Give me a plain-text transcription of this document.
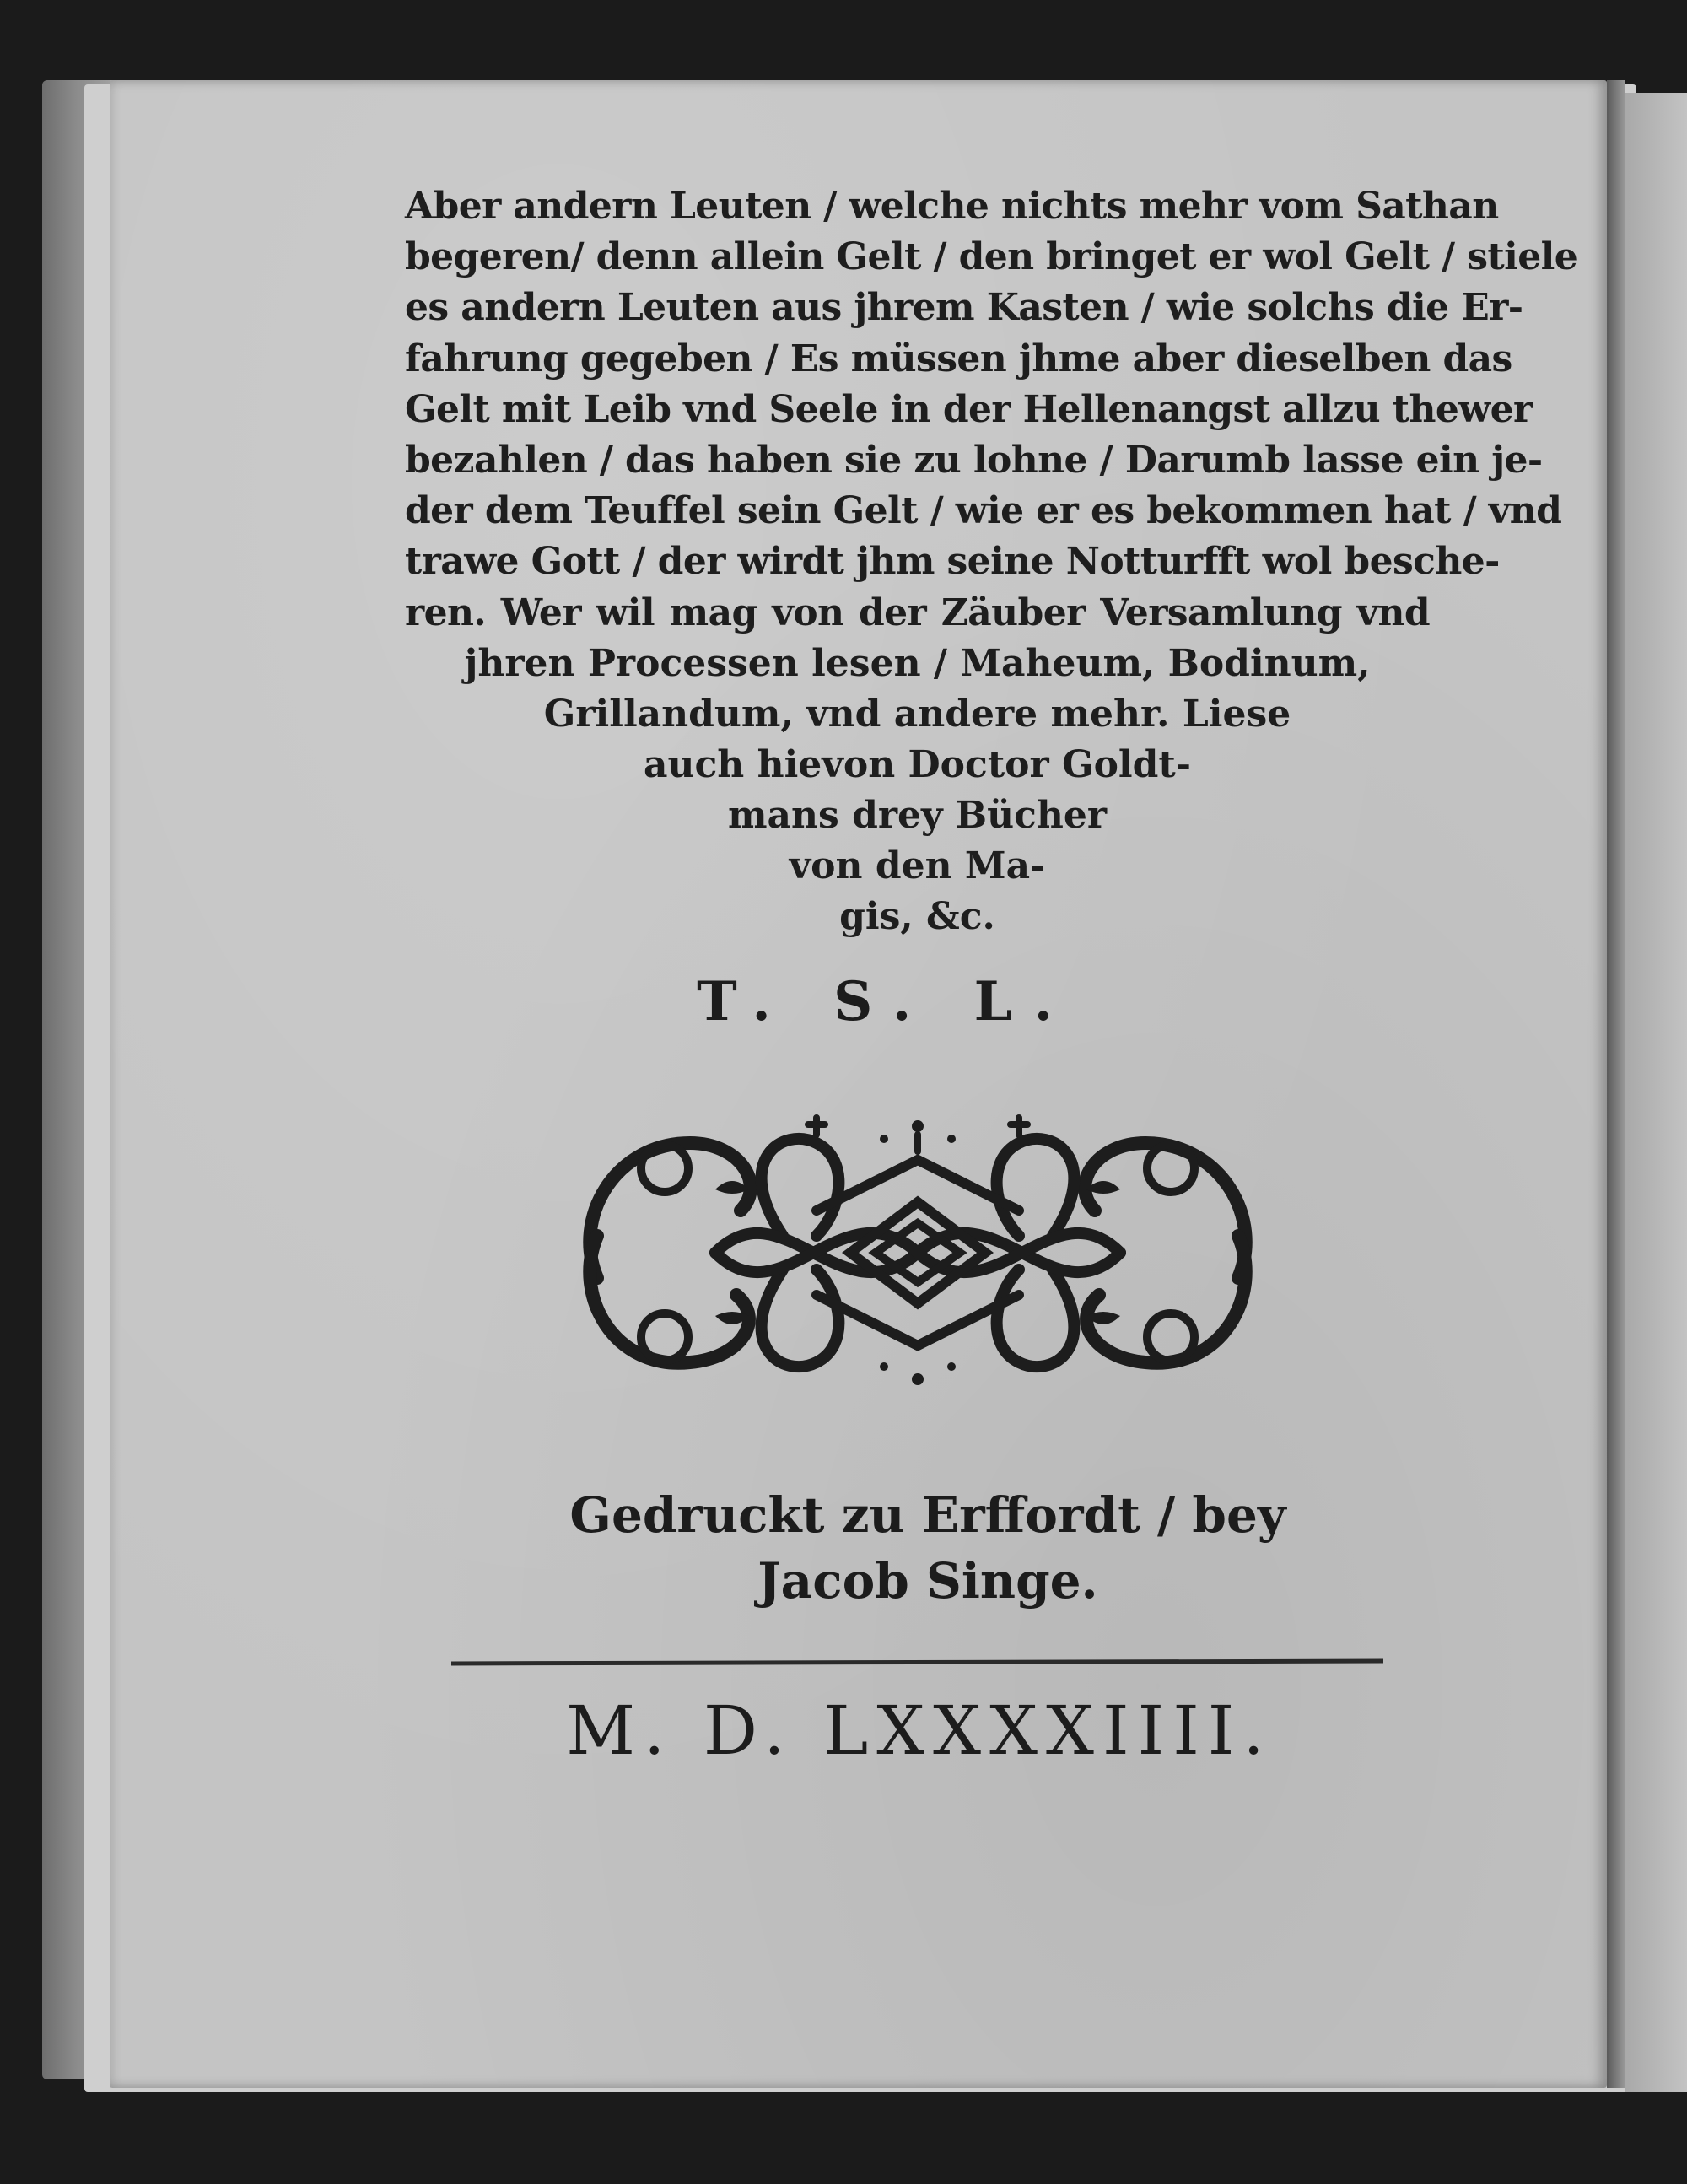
Aber andern Leuten / welche nichts mehr vom Sathan
begeren/ denn allein Gelt / den bringet er wol Gelt / stiele
es andern Leuten aus jhrem Kasten / wie solchs die Er-
fahrung gegeben / Es müssen jhme aber dieselben das
Gelt mit Leib vnd Seele in der Hellenangst allzu thewer
bezahlen / das haben sie zu lohne / Darumb lasse ein je-
der dem Teuffel sein Gelt / wie er es bekommen hat / vnd
trawe Gott / der wirdt jhm seine Notturfft wol besche-
ren. Wer wil mag von der Zäuber Versamlung vnd
jhren Processen lesen / Maheum, Bodinum,
Grillandum, vnd andere mehr. Liese
auch hievon Doctor Goldt-
mans drey Bücher
von den Ma-
gis, &c.
T. S. L.
Gedruckt zu Erffordt / bey
Jacob Singe.
M. D. LXXXXIIII.
